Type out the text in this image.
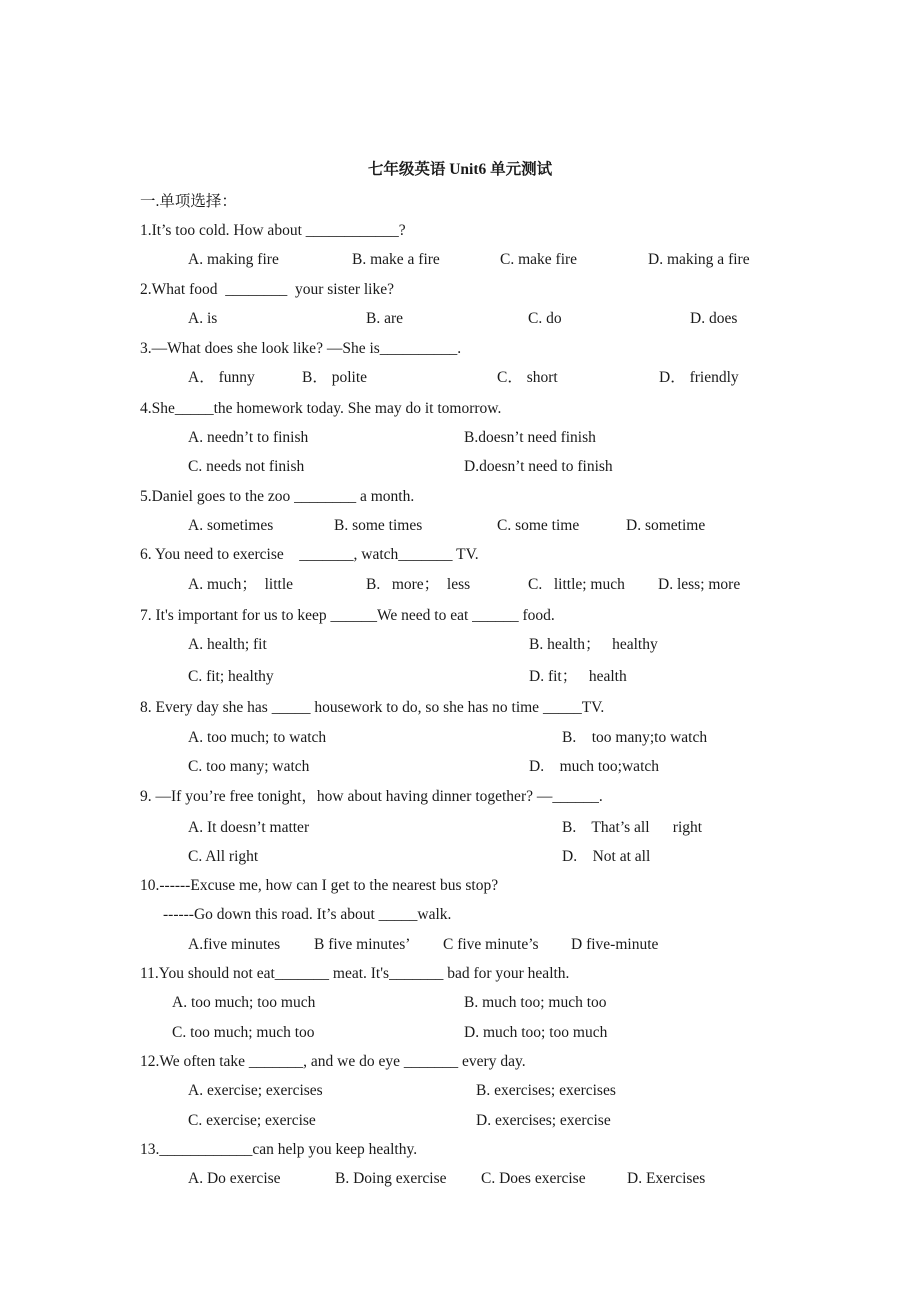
七年级英语 Unit6 单元测试
一.单项选择：
1.It’s too cold. How about ____________?
A. making fire	B. make a fire	C. make fire	D. making a fire
2.What food  ________  your sister like?
A. is	B. are	C. do	D. does
3.—What does she look like? —She is__________.
A． funny	B． polite	C． short	D． friendly
4.She_____the homework today. She may do it tomorrow.
A. needn’t to finish	B.doesn’t need finish
C. needs not finish	D.doesn’t need to finish
5.Daniel goes to the zoo ________ a month.
A. sometimes	B. some times	C. some time	D. sometime
6. You need to exercise    _______, watch_______ TV.
A. much；  little	B.   more；  less	C.   little; much D. less; more
7. It's important for us to keep ______We need to eat ______ food.
A. health; fit	B. health；   healthy
C. fit; healthy	D. fit；   health
8. Every day she has _____ housework to do, so she has no time _____TV.
A. too much; to watch	B.    too many;to watch
C. too many; watch	D.    much too;watch
9. —If you’re free tonight，how about having dinner together? —______.
A. It doesn’t matter	B.    That’s all      right
C. All right	D.    Not at all
10.------Excuse me, how can I get to the nearest bus stop?
------Go down this road. It’s about _____walk.
A.five minutes B five minutes’ C five minute’s D five-minute
11.You should not eat_______ meat. It's_______ bad for your health.
A. too much; too much	B. much too; much too
C. too much; much too	D. much too; too much
12.We often take _______, and we do eye _______ every day.
A. exercise; exercises	B. exercises; exercises
C. exercise; exercise	D. exercises; exercise
13.____________can help you keep healthy.
A. Do exercise	B. Doing exercise C. Does exercise	D. Exercises
